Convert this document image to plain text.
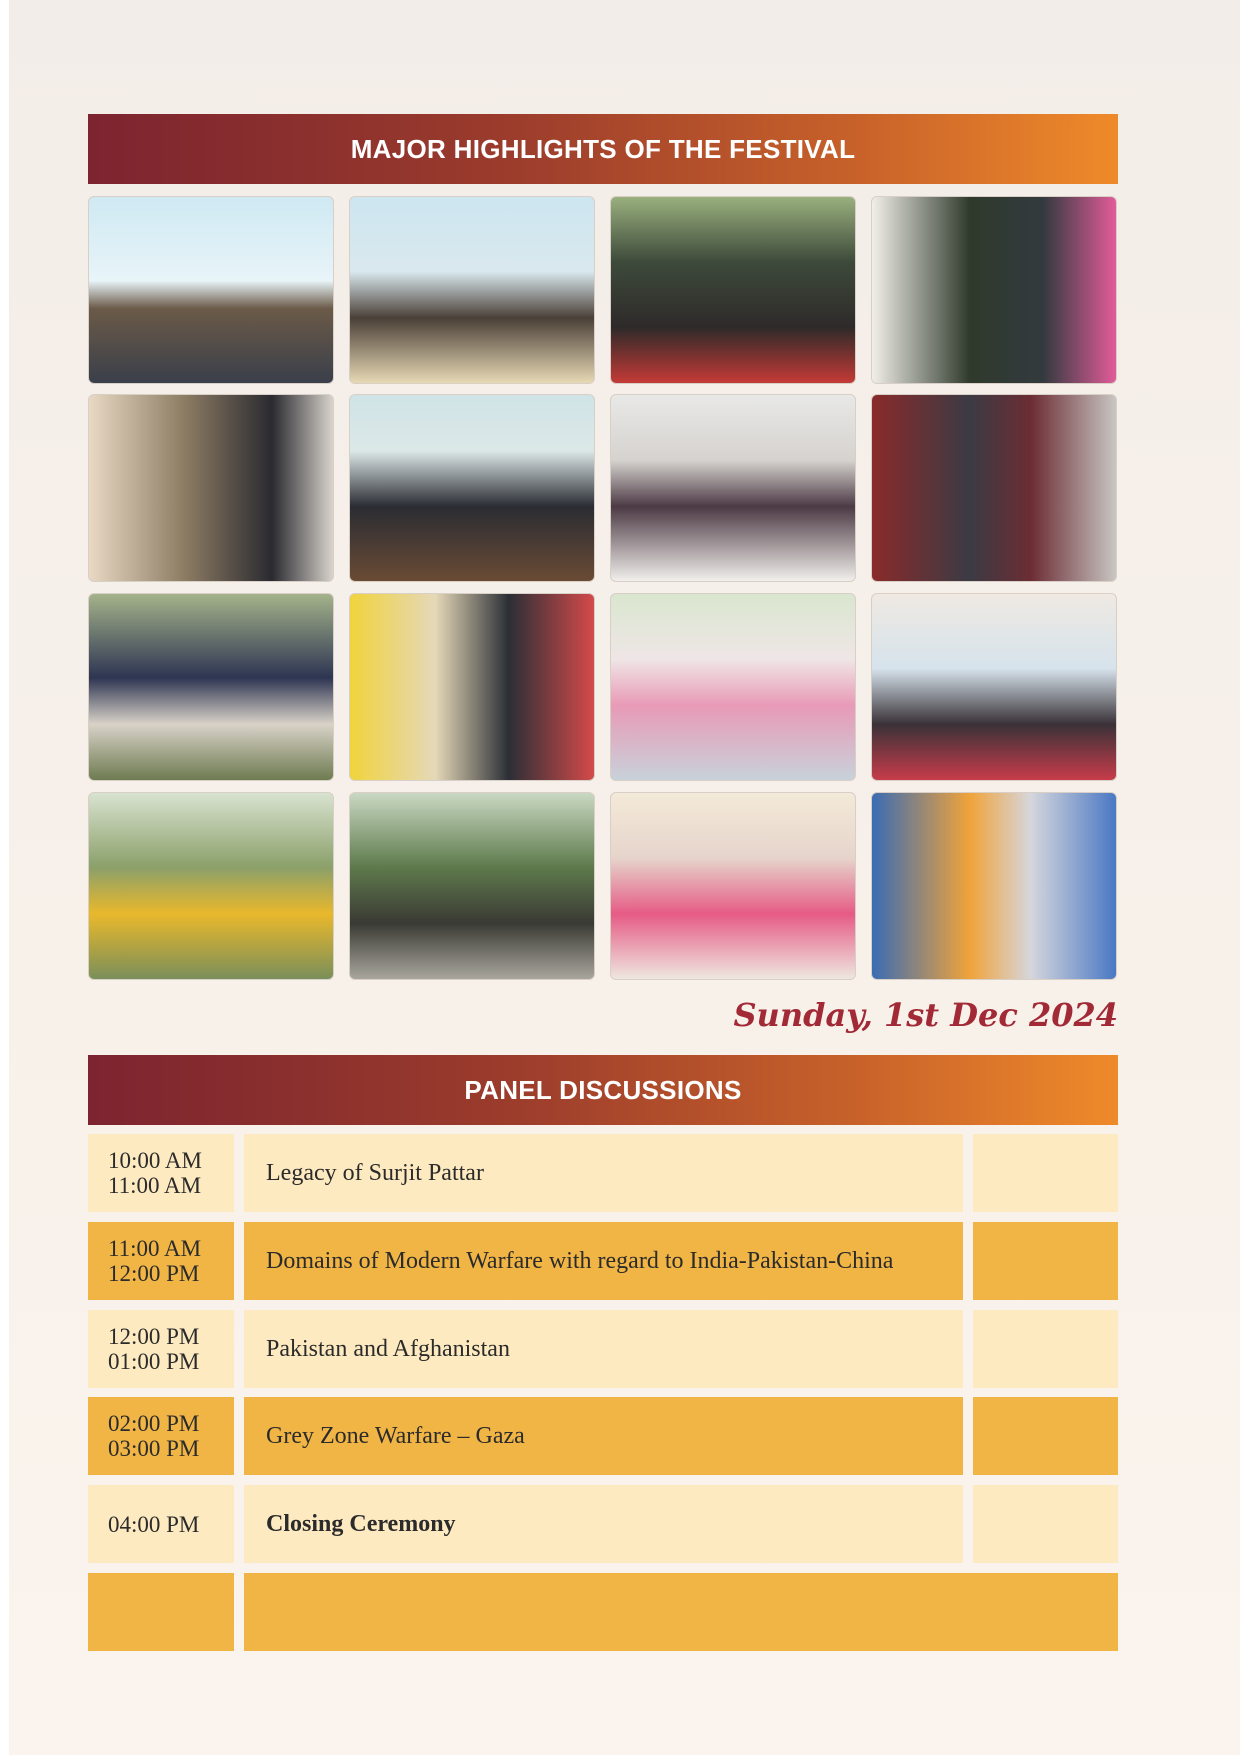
MAJOR HIGHLIGHTS OF THE FESTIVAL
Sunday, 1st Dec 2024
PANEL DISCUSSIONS
10:00 AM
11:00 AM	Legacy of Surjit Pattar
11:00 AM
12:00 PM	Domains of Modern Warfare with regard to India-Pakistan-China
12:00 PM
01:00 PM	Pakistan and Afghanistan
02:00 PM
03:00 PM	Grey Zone Warfare – Gaza
04:00 PM	Closing Ceremony
